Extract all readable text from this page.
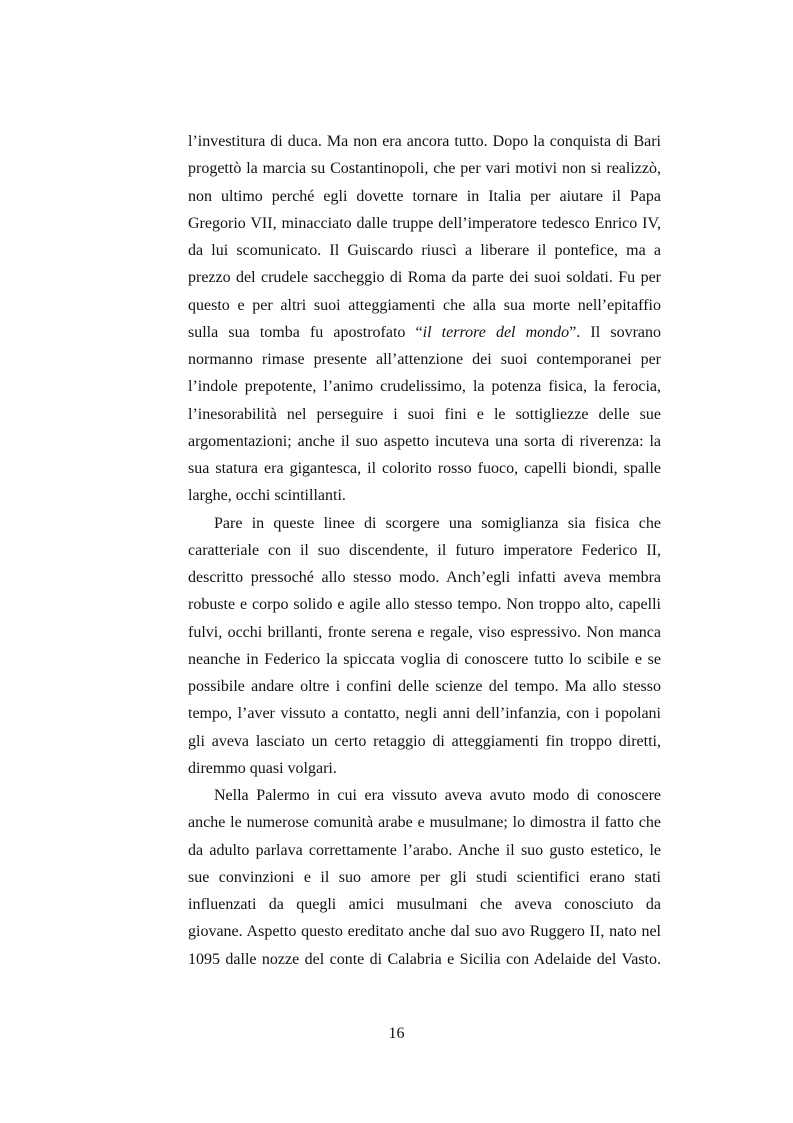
l’investitura di duca. Ma non era ancora tutto. Dopo la conquista di Bari
progettò la marcia su Costantinopoli, che per vari motivi non si realizzò,
non ultimo perché egli dovette tornare in Italia per aiutare il Papa
Gregorio VII, minacciato dalle truppe dell’imperatore tedesco Enrico IV,
da lui scomunicato. Il Guiscardo riuscì a liberare il pontefice, ma a
prezzo del crudele saccheggio di Roma da parte dei suoi soldati. Fu per
questo e per altri suoi atteggiamenti che alla sua morte nell’epitaffio
sulla sua tomba fu apostrofato “il terrore del mondo”. Il sovrano
normanno rimase presente all’attenzione dei suoi contemporanei per
l’indole prepotente, l’animo crudelissimo, la potenza fisica, la ferocia,
l’inesorabilità nel perseguire i suoi fini e le sottigliezze delle sue
argomentazioni; anche il suo aspetto incuteva una sorta di riverenza: la
sua statura era gigantesca, il colorito rosso fuoco, capelli biondi, spalle
larghe, occhi scintillanti.
Pare in queste linee di scorgere una somiglianza sia fisica che
caratteriale con il suo discendente, il futuro imperatore Federico II,
descritto pressoché allo stesso modo. Anch’egli infatti aveva membra
robuste e corpo solido e agile allo stesso tempo. Non troppo alto, capelli
fulvi, occhi brillanti, fronte serena e regale, viso espressivo. Non manca
neanche in Federico la spiccata voglia di conoscere tutto lo scibile e se
possibile andare oltre i confini delle scienze del tempo. Ma allo stesso
tempo, l’aver vissuto a contatto, negli anni dell’infanzia, con i popolani
gli aveva lasciato un certo retaggio di atteggiamenti fin troppo diretti,
diremmo quasi volgari.
Nella Palermo in cui era vissuto aveva avuto modo di conoscere
anche le numerose comunità arabe e musulmane; lo dimostra il fatto che
da adulto parlava correttamente l’arabo. Anche il suo gusto estetico, le
sue convinzioni e il suo amore per gli studi scientifici erano stati
influenzati da quegli amici musulmani che aveva conosciuto da
giovane. Aspetto questo ereditato anche dal suo avo Ruggero II, nato nel
1095 dalle nozze del conte di Calabria e Sicilia con Adelaide del Vasto.
16
